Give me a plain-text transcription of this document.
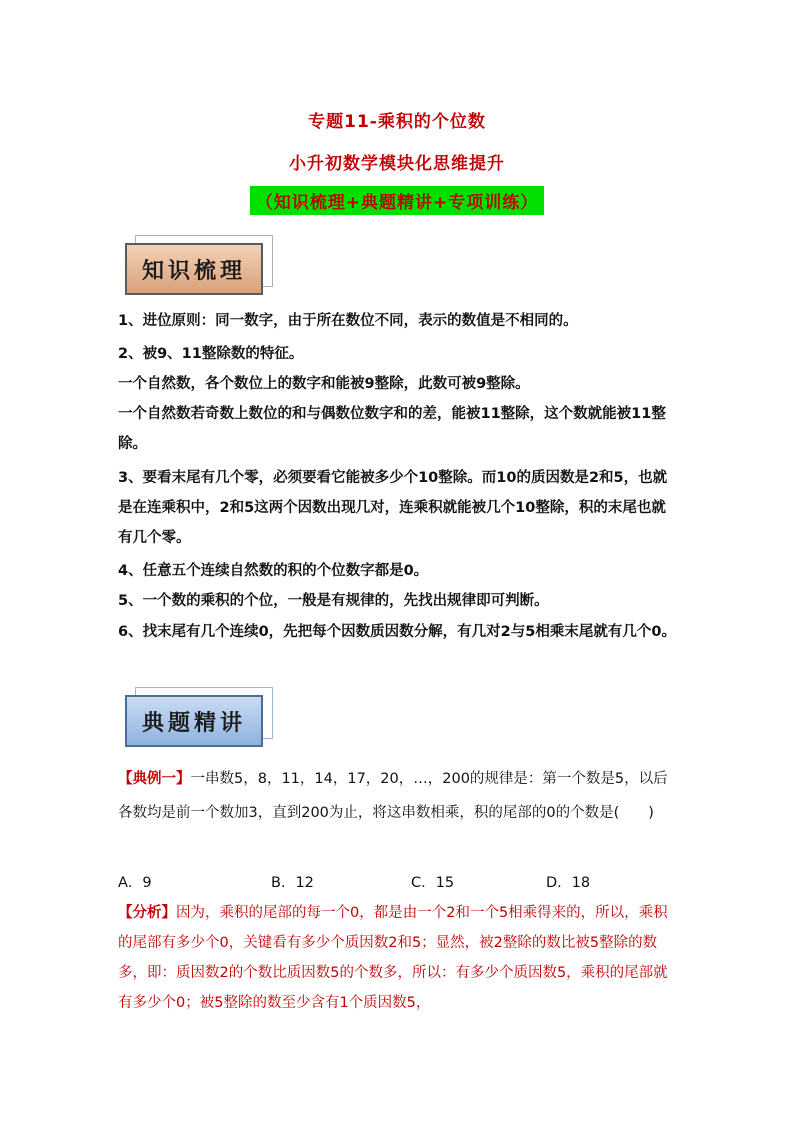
专题11-乘积的个位数
小升初数学模块化思维提升
（知识梳理+典题精讲+专项训练）
知识梳理

1、进位原则：同一数字，由于所在数位不同，表示的数值是不相同的。

2、被9、11整除数的特征。

一个自然数，各个数位上的数字和能被9整除，此数可被9整除。

一个自然数若奇数上数位的和与偶数位数字和的差，能被11整除，这个数就能被11整除。

3、要看末尾有几个零，必须要看它能被多少个10整除。而10的质因数是2和5，也就是在连乘积中，2和5这两个因数出现几对，连乘积就能被几个10整除，积的末尾也就有几个零。

4、任意五个连续自然数的积的个位数字都是0。

5、一个数的乘积的个位，一般是有规律的，先找出规律即可判断。

6、找末尾有几个连续0，先把每个因数质因数分解，有几对2与5相乘末尾就有几个0。

典题精讲

【典例一】一串数5，8，11，14，17，20，…，200的规律是：第一个数是5，以后各数均是前一个数加3，直到200为止，将这串数相乘，积的尾部的0的个数是(　　)

A．9	B．12	C．15	D．18

【分析】因为，乘积的尾部的每一个0，都是由一个2和一个5相乘得来的，所以，乘积的尾部有多少个0，关键看有多少个质因数2和5；显然，被2整除的数比被5整除的数多，即：质因数2的个数比质因数5的个数多，所以：有多少个质因数5，乘积的尾部就有多少个0；被5整除的数至少含有1个质因数5，
